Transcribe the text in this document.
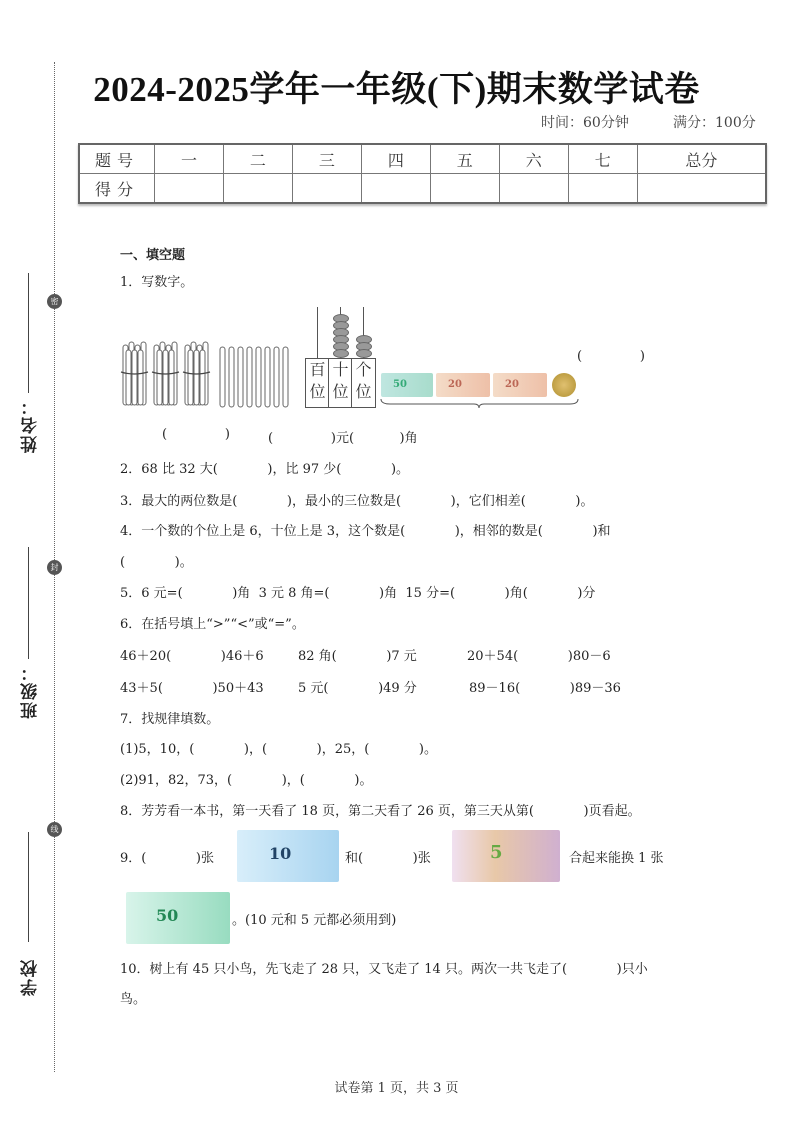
密
封
线
姓名：
班级：
学校
2024-2025学年一年级(下)期末数学试卷
时间：60分钟	满分：100分
题号	一	二	三	四	五	六	七	总分
得分								
一、填空题
1．写数字。
百位
十位
个位	50	20	20
(              )
(              )	(              )元(           )角
2．68 比 32 大(            )，比 97 少(            )。
3．最大的两位数是(            )，最小的三位数是(            )，它们相差(            )。
4．一个数的个位上是 6，十位上是 3，这个数是(            )，相邻的数是(            )和
(            )。
5．6 元=(            )角  3 元 8 角=(            )角  15 分=(            )角(            )分
6．在括号填上“>”“<”或“=”。
46＋20(            )46＋6	82 角(            )7 元	20＋54(            )80－6
43＋5(            )50＋43	5 元(            )49 分	89－16(            )89－36
7．找规律填数。
(1)5，10，(            )，(            )，25，(            )。
(2)91，82，73，(            )，(            )。
8．芳芳看一本书，第一天看了 18 页，第二天看了 26 页，第三天从第(            )页看起。
9．(            )张	10	和(            )张	5	合起来能换 1 张
50	。(10 元和 5 元都必须用到)
10．树上有 45 只小鸟，先飞走了 28 只，又飞走了 14 只。两次一共飞走了(            )只小
鸟。
试卷第 1 页，共 3 页
